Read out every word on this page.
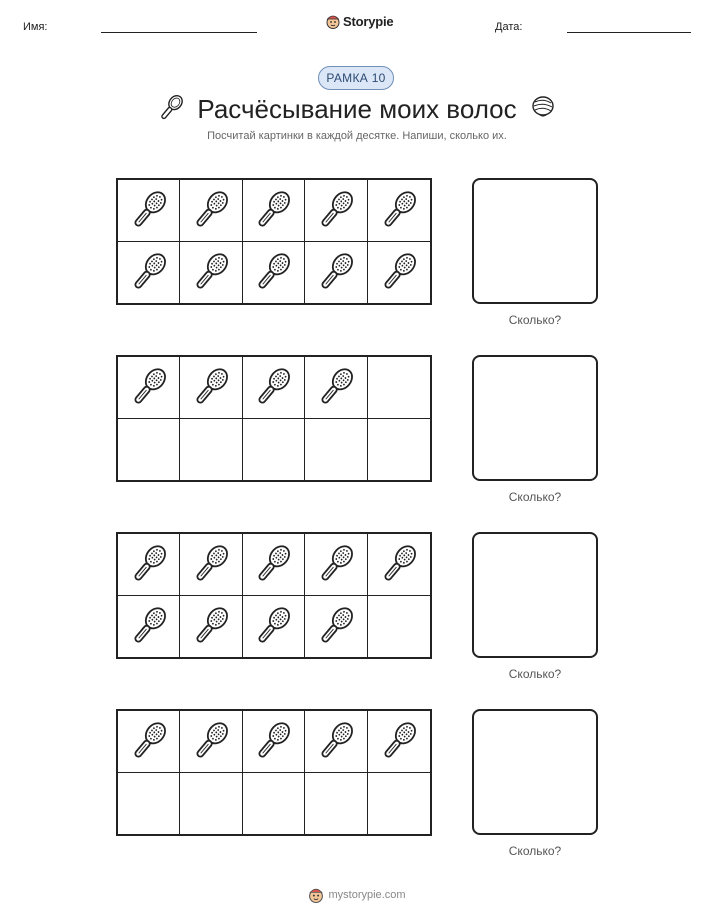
Имя:	Storypie	Дата:
РАМКА 10
Расчёсывание моих волос
Посчитай картинки в каждой десятке. Напиши, сколько их.
Сколько?
Сколько?
Сколько?
Сколько?
mystorypie.com
